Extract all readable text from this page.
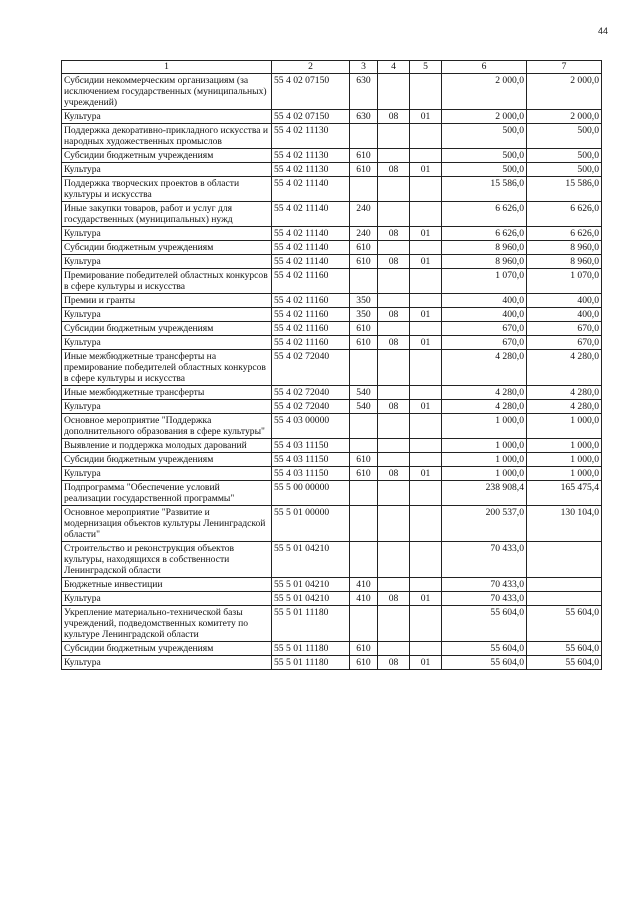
44
1	2	3	4	5	6	7
Субсидии некоммерческим организациям (за исключением государственных (муниципальных) учреждений)	55 4 02 07150	630			2 000,0	2 000,0
Культура	55 4 02 07150	630	08	01	2 000,0	2 000,0
Поддержка декоративно-прикладного искусства и народных художественных промыслов	55 4 02 11130				500,0	500,0
Субсидии бюджетным учреждениям	55 4 02 11130	610			500,0	500,0
Культура	55 4 02 11130	610	08	01	500,0	500,0
Поддержка творческих проектов в области культуры и искусства	55 4 02 11140				15 586,0	15 586,0
Иные закупки товаров, работ и услуг для государственных (муниципальных) нужд	55 4 02 11140	240			6 626,0	6 626,0
Культура	55 4 02 11140	240	08	01	6 626,0	6 626,0
Субсидии бюджетным учреждениям	55 4 02 11140	610			8 960,0	8 960,0
Культура	55 4 02 11140	610	08	01	8 960,0	8 960,0
Премирование победителей областных конкурсов в сфере культуры и искусства	55 4 02 11160				1 070,0	1 070,0
Премии и гранты	55 4 02 11160	350			400,0	400,0
Культура	55 4 02 11160	350	08	01	400,0	400,0
Субсидии бюджетным учреждениям	55 4 02 11160	610			670,0	670,0
Культура	55 4 02 11160	610	08	01	670,0	670,0
Иные межбюджетные трансферты на премирование победителей областных конкурсов в сфере культуры и искусства	55 4 02 72040				4 280,0	4 280,0
Иные межбюджетные трансферты	55 4 02 72040	540			4 280,0	4 280,0
Культура	55 4 02 72040	540	08	01	4 280,0	4 280,0
Основное мероприятие "Поддержка дополнительного образования в сфере культуры"	55 4 03 00000				1 000,0	1 000,0
Выявление и поддержка молодых дарований	55 4 03 11150				1 000,0	1 000,0
Субсидии бюджетным учреждениям	55 4 03 11150	610			1 000,0	1 000,0
Культура	55 4 03 11150	610	08	01	1 000,0	1 000,0
Подпрограмма "Обеспечение условий реализации государственной программы"	55 5 00 00000				238 908,4	165 475,4
Основное мероприятие "Развитие и модернизация объектов культуры Ленинградской области"	55 5 01 00000				200 537,0	130 104,0
Строительство и реконструкция объектов культуры, находящихся в собственности Ленинградской области	55 5 01 04210				70 433,0	
Бюджетные инвестиции	55 5 01 04210	410			70 433,0	
Культура	55 5 01 04210	410	08	01	70 433,0	
Укрепление материально-технической базы учреждений, подведомственных комитету по культуре Ленинградской области	55 5 01 11180				55 604,0	55 604,0
Субсидии бюджетным учреждениям	55 5 01 11180	610			55 604,0	55 604,0
Культура	55 5 01 11180	610	08	01	55 604,0	55 604,0
